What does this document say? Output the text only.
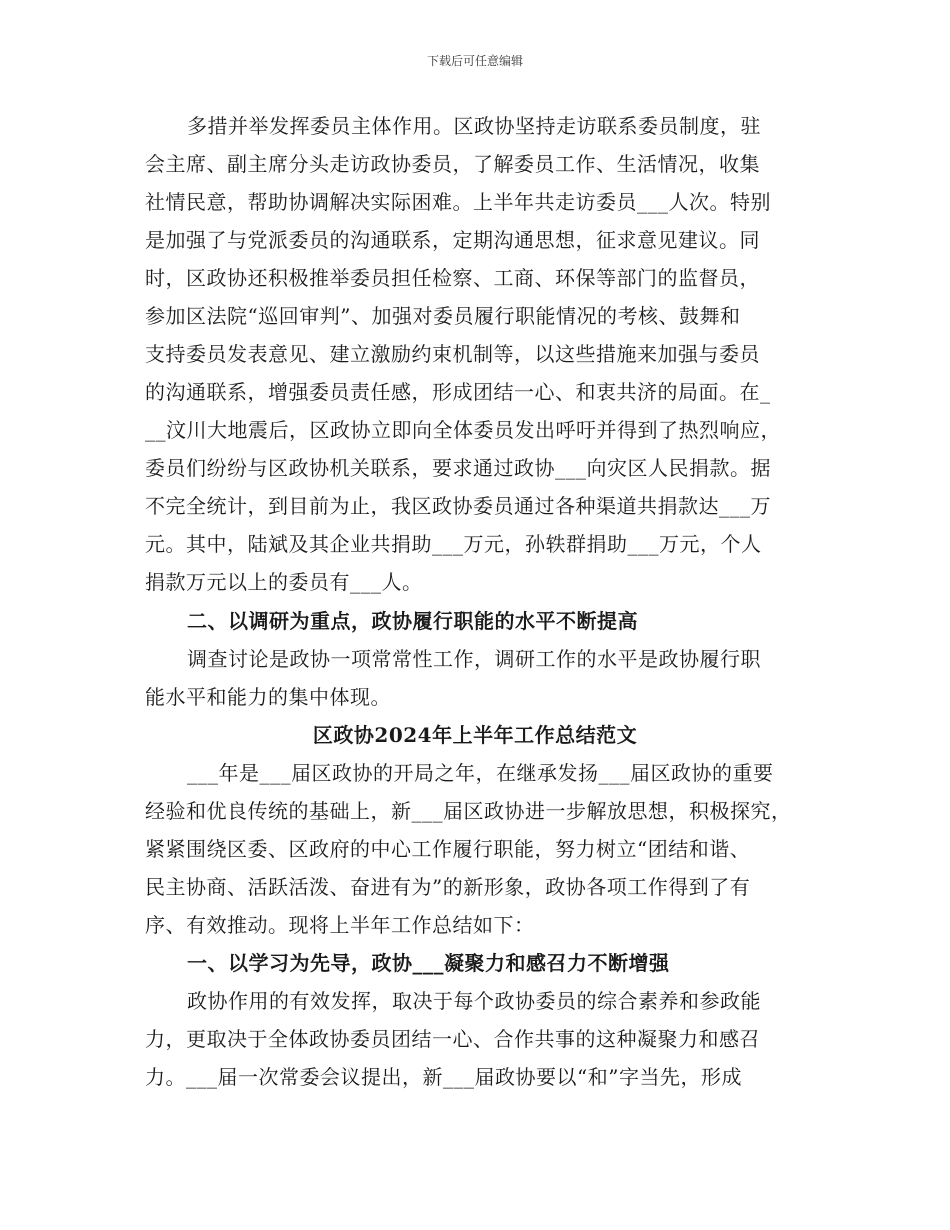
下载后可任意编辑
多措并举发挥委员主体作用。区政协坚持走访联系委员制度，驻
会主席、副主席分头走访政协委员，了解委员工作、生活情况，收集
社情民意，帮助协调解决实际困难。上半年共走访委员___人次。特别
是加强了与党派委员的沟通联系，定期沟通思想，征求意见建议。同
时，区政协还积极推举委员担任检察、工商、环保等部门的监督员，
参加区法院“巡回审判”、加强对委员履行职能情况的考核、鼓舞和
支持委员发表意见、建立激励约束机制等，以这些措施来加强与委员
的沟通联系，增强委员责任感，形成团结一心、和衷共济的局面。在_
__汶川大地震后，区政协立即向全体委员发出呼吁并得到了热烈响应，
委员们纷纷与区政协机关联系，要求通过政协___向灾区人民捐款。据
不完全统计，到目前为止，我区政协委员通过各种渠道共捐款达___万
元。其中，陆斌及其企业共捐助___万元，孙轶群捐助___万元，个人
捐款万元以上的委员有___人。
二、以调研为重点，政协履行职能的水平不断提高
调查讨论是政协一项常常性工作，调研工作的水平是政协履行职
能水平和能力的集中体现。
区政协2024年上半年工作总结范文
___年是___届区政协的开局之年，在继承发扬___届区政协的重要
经验和优良传统的基础上，新___届区政协进一步解放思想，积极探究，
紧紧围绕区委、区政府的中心工作履行职能，努力树立“团结和谐、
民主协商、活跃活泼、奋进有为”的新形象，政协各项工作得到了有
序、有效推动。现将上半年工作总结如下：
一、以学习为先导，政协___凝聚力和感召力不断增强
政协作用的有效发挥，取决于每个政协委员的综合素养和参政能
力，更取决于全体政协委员团结一心、合作共事的这种凝聚力和感召
力。___届一次常委会议提出，新___届政协要以“和”字当先，形成
